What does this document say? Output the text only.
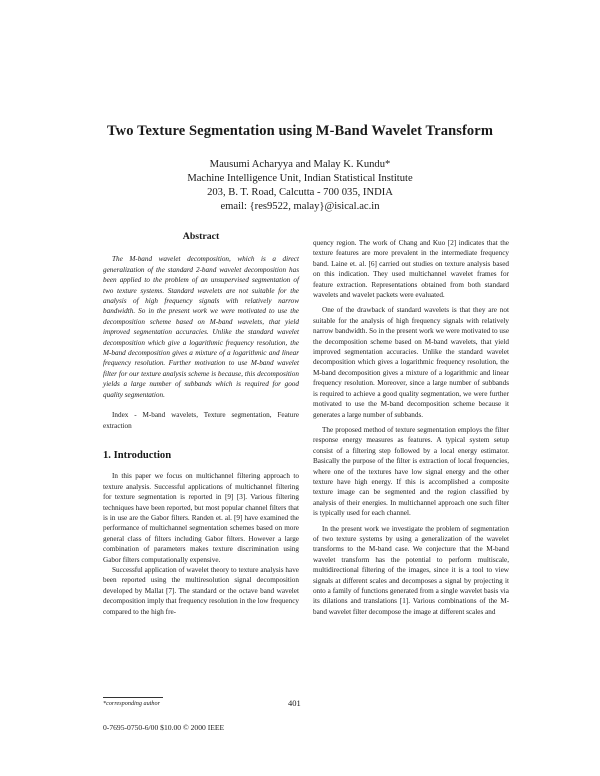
Two Texture Segmentation using M-Band Wavelet Transform
Mausumi Acharyya and Malay K. Kundu*
Machine Intelligence Unit, Indian Statistical Institute
203, B. T. Road, Calcutta - 700 035, INDIA
email: {res9522, malay}@isical.ac.in
Abstract

The M-band wavelet decomposition, which is a direct generalization of the standard 2-band wavelet decomposition has been applied to the problem of an unsupervised segmentation of two texture systems. Standard wavelets are not suitable for the analysis of high frequency signals with relatively narrow bandwidth. So in the present work we were motivated to use the decomposition scheme based on M-band wavelets, that yield improved segmentation accuracies. Unlike the standard wavelet decomposition which give a logarithmic frequency resolution, the M-band decomposition gives a mixture of a logarithmic and linear frequency resolution. Further motivation to use M-band wavelet filter for our texture analysis scheme is because, this decomposition yields a large number of subbands which is required for good quality segmentation.

Index - M-band wavelets, Texture segmentation, Feature extraction

1. Introduction

In this paper we focus on multichannel filtering approach to texture analysis. Successful applications of multichannel filtering for texture segmentation is reported in [9] [3]. Various filtering techniques have been reported, but most popular channel filters that is in use are the Gabor filters. Randen et. al. [9] have examined the performance of multichannel segmentation schemes based on more general class of filters including Gabor filters. However a large combination of parameters makes texture discrimination using Gabor filters computationally expensive.

Successful application of wavelet theory to texture analysis have been reported using the multiresolution signal decomposition developed by Mallat [7]. The standard or the octave band wavelet decomposition imply that frequency resolution in the low frequency compared to the high fre-

quency region. The work of Chang and Kuo [2] indicates that the texture features are more prevalent in the intermediate frequency band. Laine et. al. [6] carried out studies on texture analysis based on this indication. They used multichannel wavelet frames for feature extraction. Representations obtained from both standard wavelets and wavelet packets were evaluated.

One of the drawback of standard wavelets is that they are not suitable for the analysis of high frequency signals with relatively narrow bandwidth. So in the present work we were motivated to use the decomposition scheme based on M-band wavelets, that yield improved segmentation accuracies. Unlike the standard wavelet decomposition which gives a logarithmic frequency resolution, the M-band decomposition gives a mixture of a logarithmic and linear frequency resolution. Moreover, since a large number of subbands is required to achieve a good quality segmentation, we were further motivated to use the M-band decomposition scheme because it generates a large number of subbands.

The proposed method of texture segmentation employs the filter response energy measures as features. A typical system setup consist of a filtering step followed by a local energy estimator. Basically the purpose of the filter is extraction of local frequencies, where one of the textures have low signal energy and the other texture have high energy. If this is accomplished a composite texture image can be segmented and the region classified by analysis of their energies. In multichannel approach one such filter is typically used for each channel.

In the present work we investigate the problem of segmentation of two texture systems by using a generalization of the wavelet transforms to the M-band case. We conjecture that the M-band wavelet transform has the potential to perform multiscale, multidirectional filtering of the images, since it is a tool to view signals at different scales and decomposes a signal by projecting it onto a family of functions generated from a single wavelet basis via its dilations and translations [1]. Various combinations of the M-band wavelet filter decompose the image at different scales and

*corresponding author	401
0-7695-0750-6/00 $10.00 © 2000 IEEE
